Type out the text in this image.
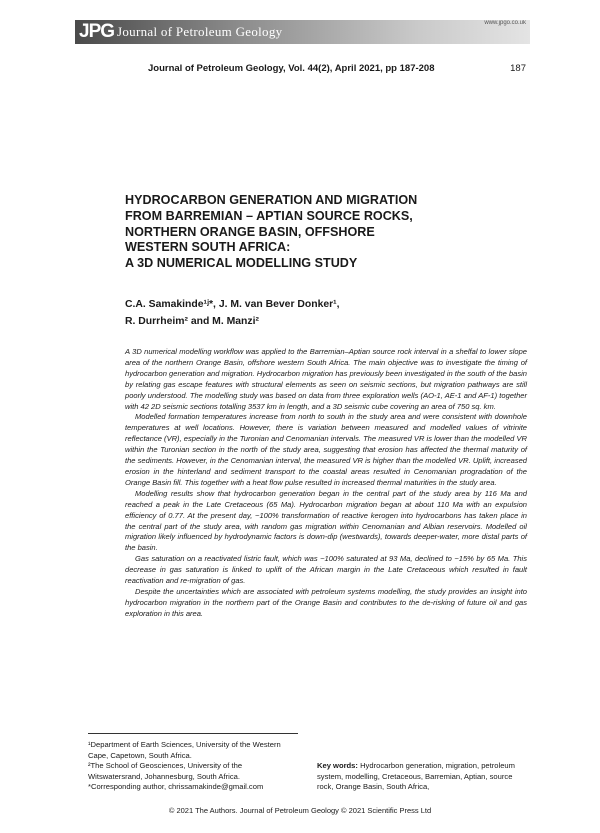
JPG Journal of Petroleum Geology
www.jpgo.co.uk
Journal of Petroleum Geology, Vol. 44(2), April 2021, pp 187-208	187
HYDROCARBON GENERATION AND MIGRATION
FROM BARREMIAN – APTIAN SOURCE ROCKS,
NORTHERN ORANGE BASIN, OFFSHORE
WESTERN SOUTH AFRICA:
A 3D NUMERICAL MODELLING STUDY
C.A. Samakinde¹ʲ*, J. M. van Bever Donker¹,
R. Durrheim² and M. Manzi²

A 3D numerical modelling workflow was applied to the Barremian–Aptian source rock interval in a shelfal to lower slope area of the northern Orange Basin, offshore western South Africa. The main objective was to investigate the timing of hydrocarbon generation and migration. Hydrocarbon migration has previously been investigated in the south of the basin by relating gas escape features with structural elements as seen on seismic sections, but migration pathways are still poorly understood. The modelling study was based on data from three exploration wells (AO-1, AE-1 and AF-1) together with 42 2D seismic sections totalling 3537 km in length, and a 3D seismic cube covering an area of 750 sq. km.

Modelled formation temperatures increase from north to south in the study area and were consistent with downhole temperatures at well locations. However, there is variation between measured and modelled values of vitrinite reflectance (VR), especially in the Turonian and Cenomanian intervals. The measured VR is lower than the modelled VR within the Turonian section in the north of the study area, suggesting that erosion has affected the thermal maturity of the sediments. However, in the Cenomanian interval, the measured VR is higher than the modelled VR. Uplift, increased erosion in the hinterland and sediment transport to the coastal areas resulted in Cenomanian progradation of the Orange Basin fill. This together with a heat flow pulse resulted in increased thermal maturities in the study area.

Modelling results show that hydrocarbon generation began in the central part of the study area by 116 Ma and reached a peak in the Late Cretaceous (65 Ma). Hydrocarbon migration began at about 110 Ma with an expulsion efficiency of 0.77. At the present day, ~100% transformation of reactive kerogen into hydrocarbons has taken place in the central part of the study area, with random gas migration within Cenomanian and Albian reservoirs. Modelled oil migration likely influenced by hydrodynamic factors is down-dip (westwards), towards deeper-water, more distal parts of the basin.

Gas saturation on a reactivated listric fault, which was ~100% saturated at 93 Ma, declined to ~15% by 65 Ma. This decrease in gas saturation is linked to uplift of the African margin in the Late Cretaceous which resulted in fault reactivation and re-migration of gas.

Despite the uncertainties which are associated with petroleum systems modelling, the study provides an insight into hydrocarbon migration in the northern part of the Orange Basin and contributes to the de-risking of future oil and gas exploration in this area.

¹Department of Earth Sciences, University of the Western Cape, Capetown, South Africa.
²The School of Geosciences, University of the Witswatersrand, Johannesburg, South Africa.
*Corresponding author, chrissamakinde@gmail.com
Key words: Hydrocarbon generation, migration, petroleum system, modelling, Cretaceous, Barremian, Aptian, source rock, Orange Basin, South Africa,
© 2021 The Authors. Journal of Petroleum Geology © 2021 Scientific Press Ltd
